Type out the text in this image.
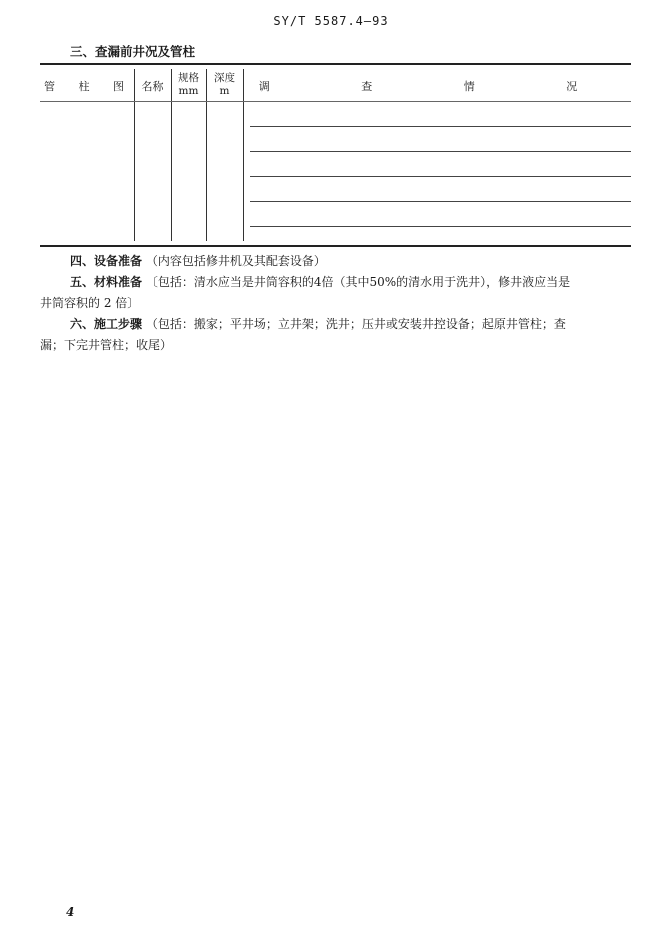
SY/T 5587.4—93
三、查漏前井况及管柱
管 柱 图 名称
规格
mm
深度
m	调 查 情 况
四、设备准备 （内容包括修井机及其配套设备）
五、材料准备 〔包括：清水应当是井筒容积的4倍（其中50%的清水用于洗井），修井液应当是
井筒容积的 2 倍〕
六、施工步骤 （包括：搬家；平井场；立井架；洗井；压井或安装井控设备；起原井管柱；查
漏；下完井管柱；收尾）
4
